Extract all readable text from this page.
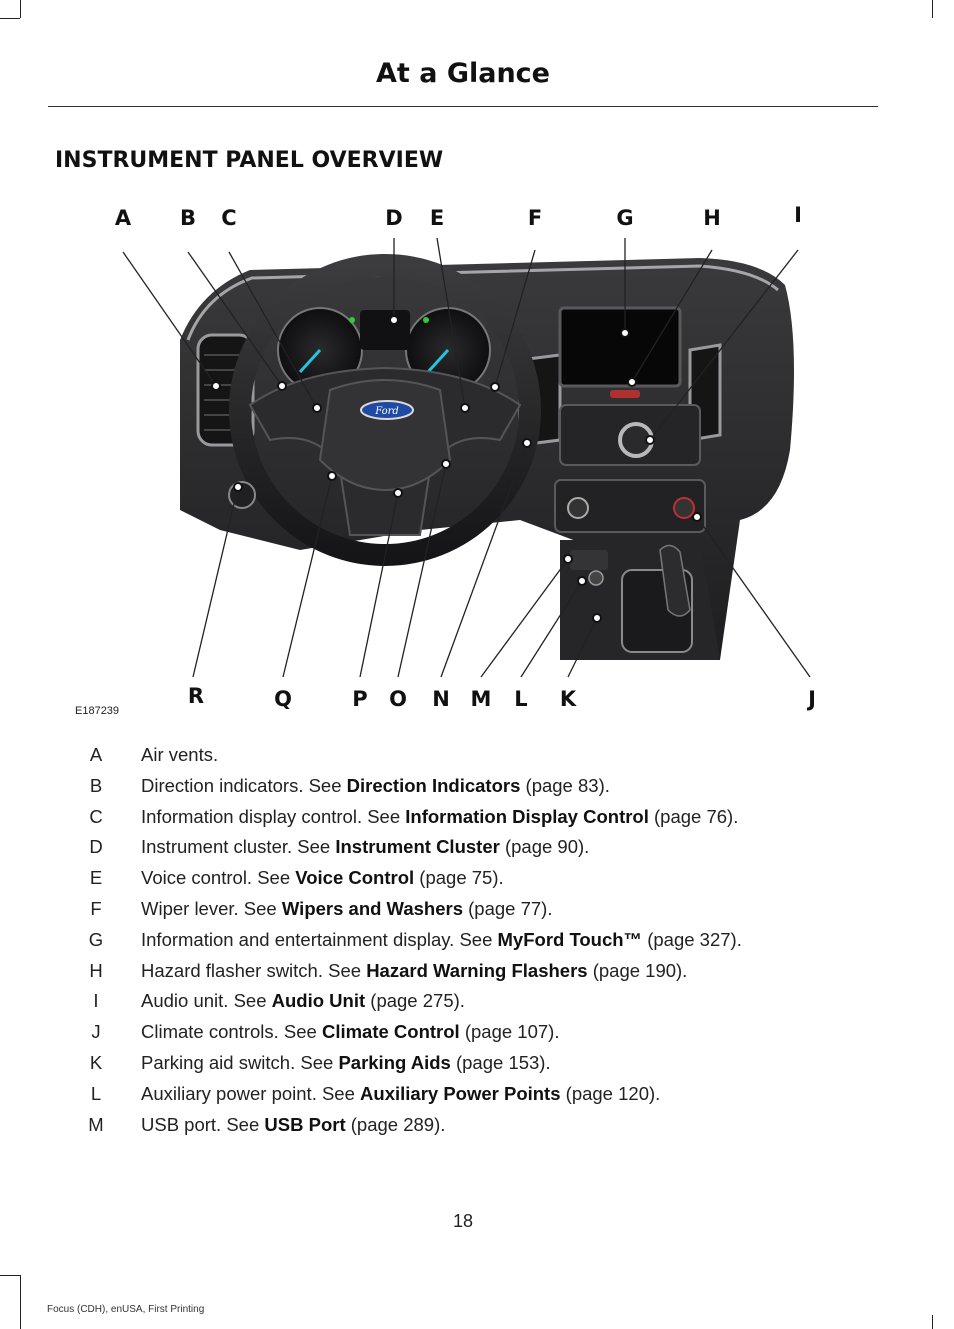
At a Glance
INSTRUMENT PANEL OVERVIEW
Ford
A	B	C	D	E	F	G	H	I
R	Q	P	O N M	L	K	J
E187239
A Air vents.
B Direction indicators. See Direction Indicators (page 83).
C Information display control. See Information Display Control (page 76).
D Instrument cluster. See Instrument Cluster (page 90).
E Voice control. See Voice Control (page 75).
F Wiper lever. See Wipers and Washers (page 77).
G Information and entertainment display. See MyFord Touch™ (page 327).
H Hazard flasher switch. See Hazard Warning Flashers (page 190).
I	Audio unit. See Audio Unit (page 275).
J	Climate controls. See Climate Control (page 107).
K Parking aid switch. See Parking Aids (page 153).
L	Auxiliary power point. See Auxiliary Power Points (page 120).
M USB port. See USB Port (page 289).
18
Focus (CDH), enUSA, First Printing
